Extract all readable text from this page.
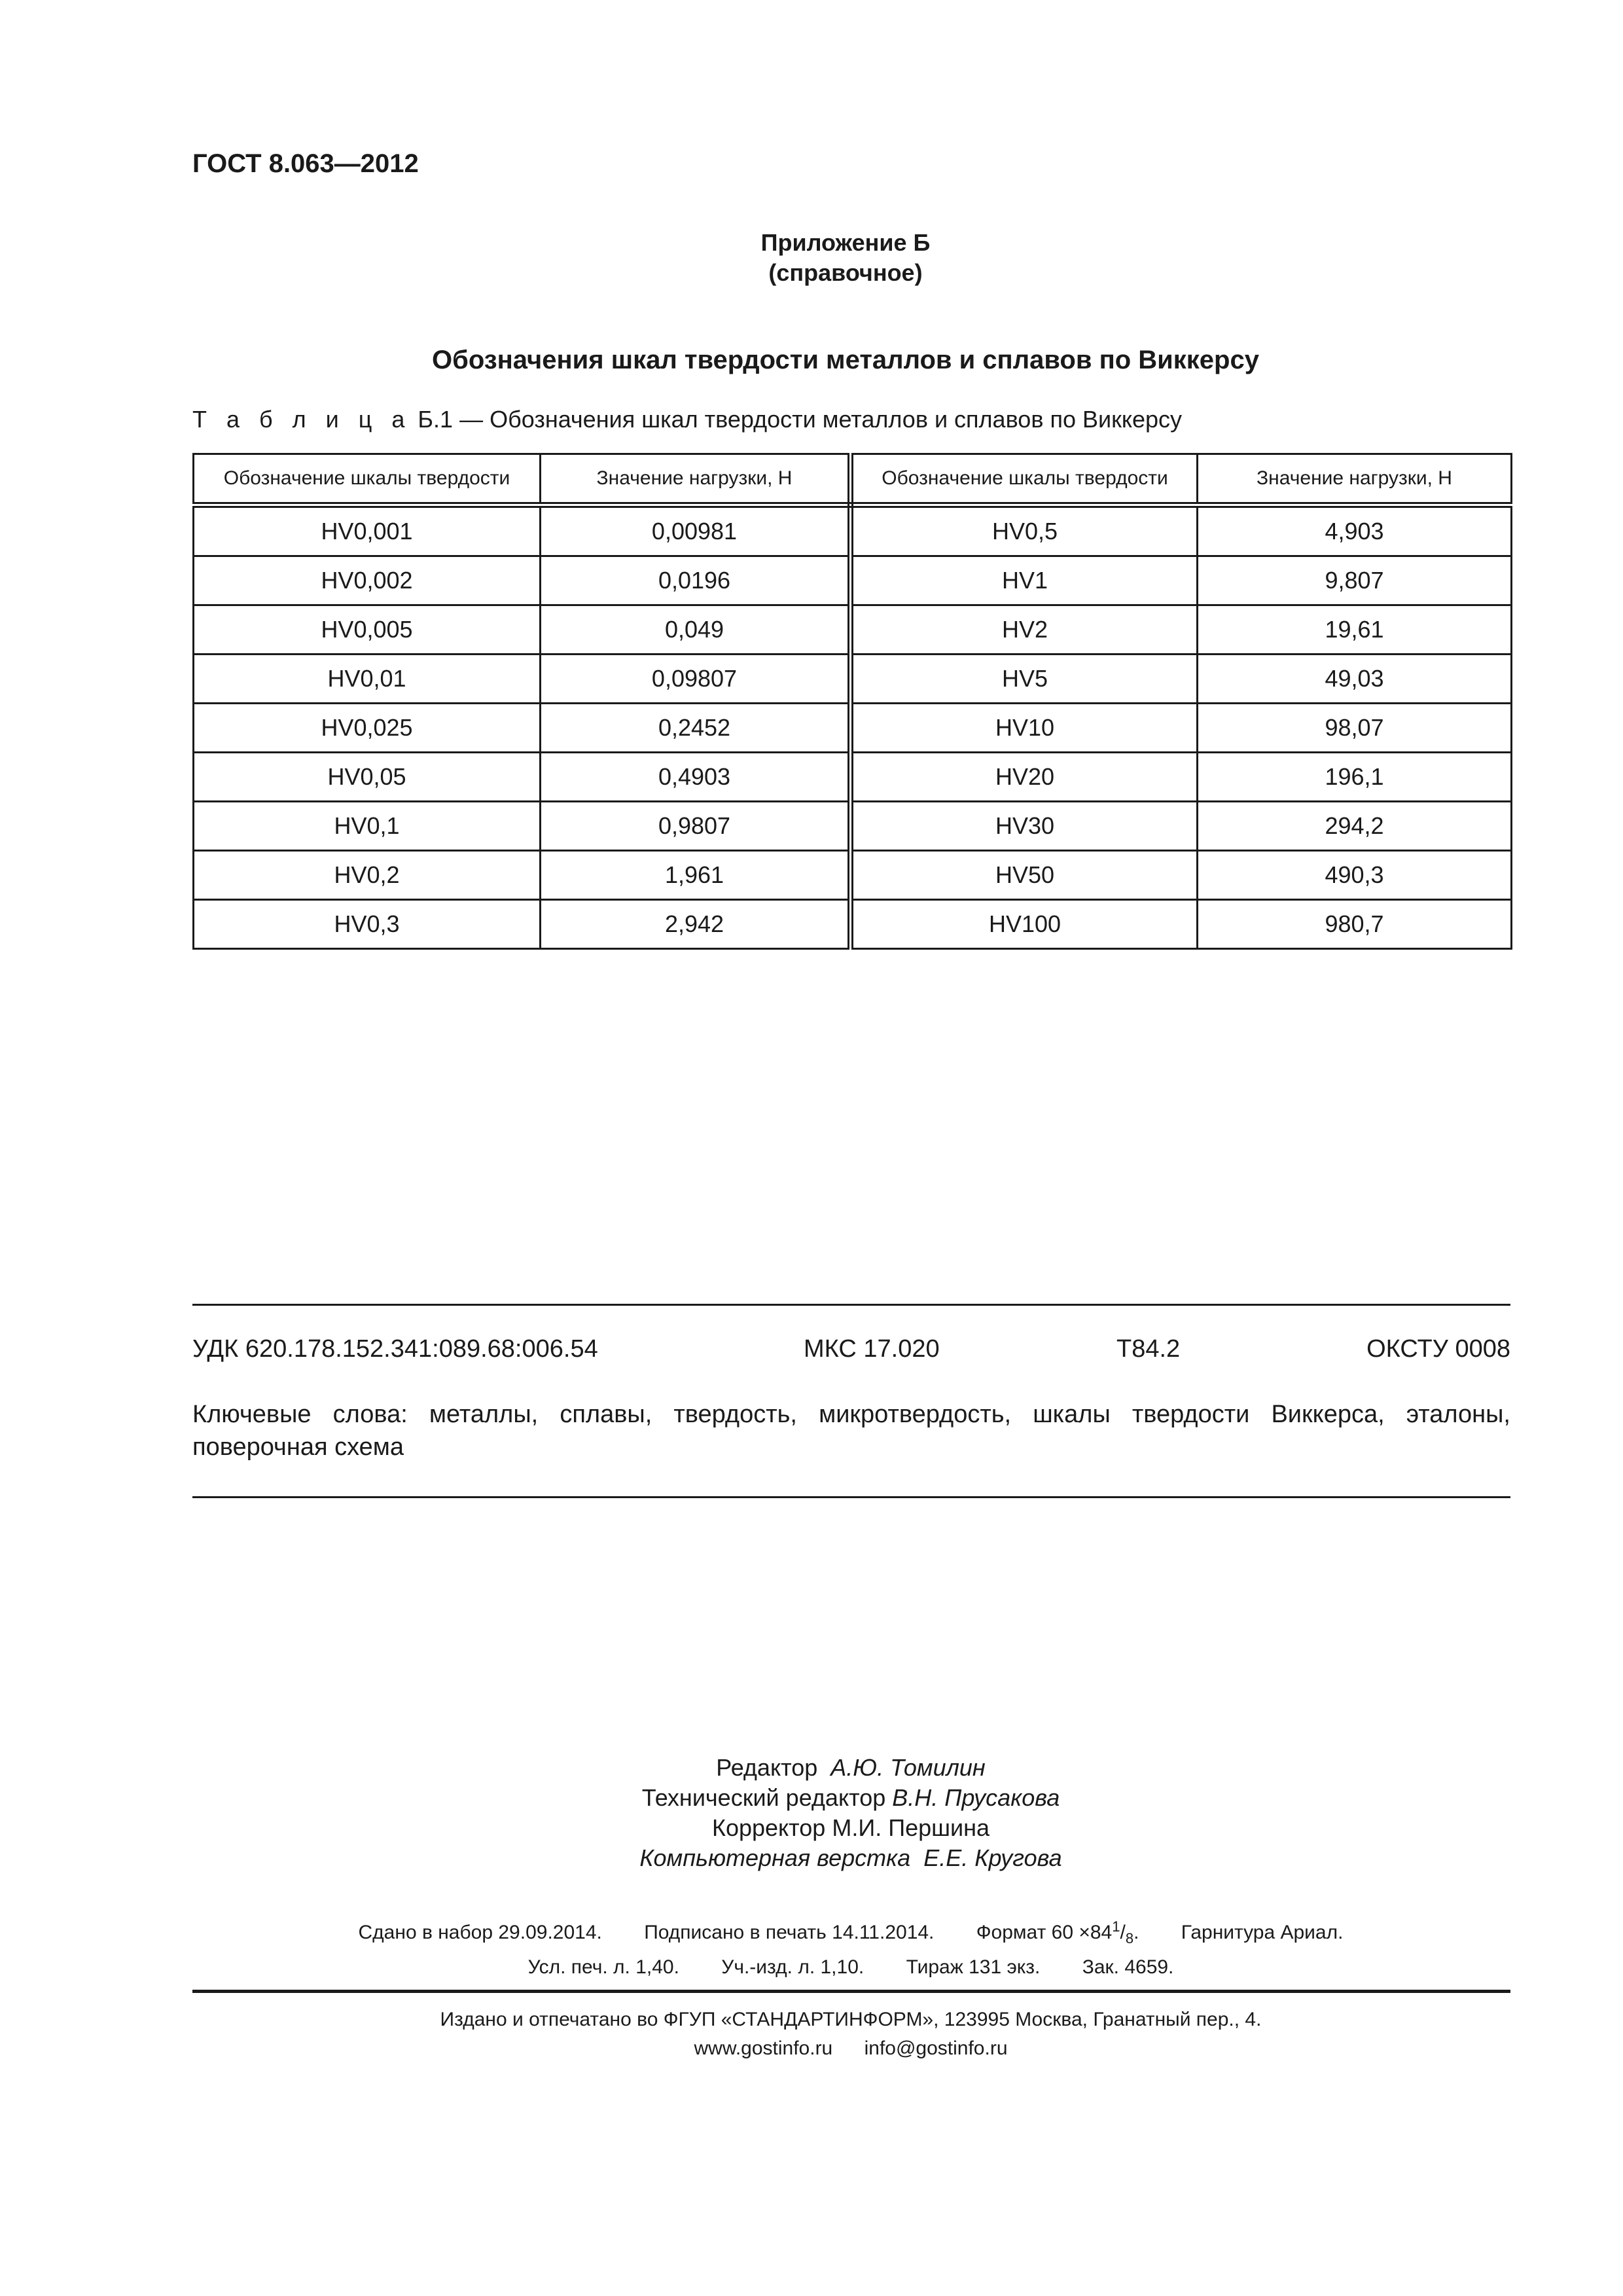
ГОСТ 8.063—2012
Приложение Б
(справочное)
Обозначения шкал твердости металлов и сплавов по Виккерсу
Т а б л и ц а Б.1 — Обозначения шкал твердости металлов и сплавов по Виккерсу
Обозначение шкалы твердости	Значение нагрузки, Н	Обозначение шкалы твердости	Значение нагрузки, Н
HV0,001	0,00981	HV0,5	4,903
HV0,002	0,0196	HV1	9,807
HV0,005	0,049	HV2	19,61
HV0,01	0,09807	HV5	49,03
HV0,025	0,2452	HV10	98,07
HV0,05	0,4903	HV20	196,1
HV0,1	0,9807	HV30	294,2
HV0,2	1,961	HV50	490,3
HV0,3	2,942	HV100	980,7
УДК 620.178.152.341:089.68:006.54	МКС 17.020	Т84.2	ОКСТУ 0008
Ключевые слова: металлы, сплавы, твердость, микротвердость, шкалы твердости Виккерса, эталоны, поверочная схема
Редактор А.Ю. Томилин
Технический редактор В.Н. Прусакова
Корректор М.И. Першина
Компьютерная верстка Е.Е. Кругова
Сдано в набор 29.09.2014. Подписано в печать 14.11.2014. Формат $60 \times 84^1/_8$. Гарнитура Ариал.
Усл. печ. л. 1,40. Уч.-изд. л. 1,10. Тираж 131 экз. Зак. 4659.
Издано и отпечатано во ФГУП «СТАНДАРТИНФОРМ», 123995 Москва, Гранатный пер., 4.
www.gostinfo.ru info@gostinfo.ru
